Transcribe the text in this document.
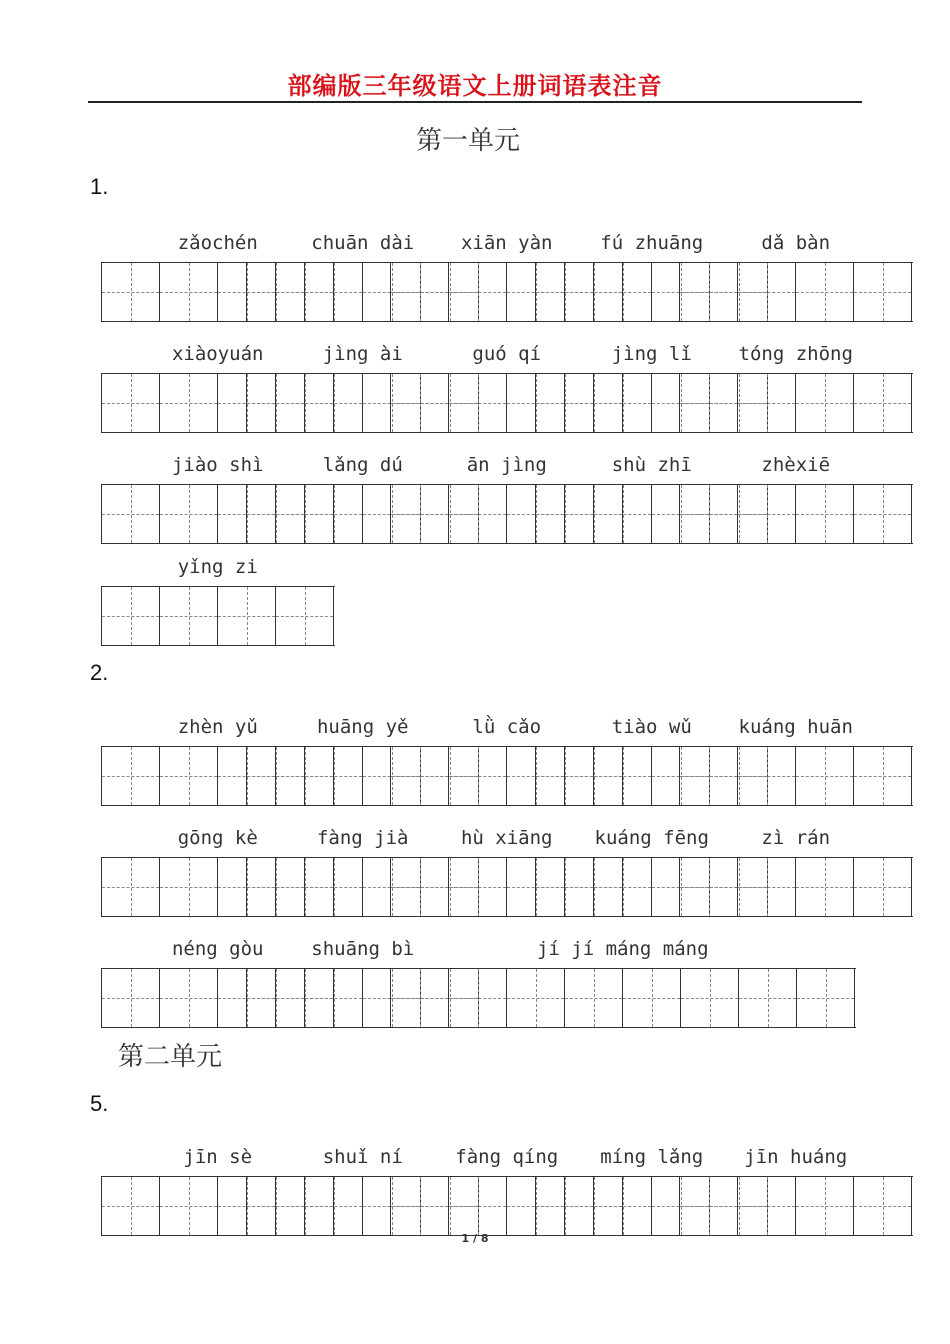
部编版三年级语文上册词语表注音
第一单元
1.
zǎochén	chuān dài	xiān yàn	fú zhuāng	dǎ bàn
xiàoyuán	jìng ài	guó qí	jìng lǐ	tóng zhōng
jiào shì	lǎng dú	ān jìng	shù zhī	zhèxiē
yǐng zi
2.
zhèn yǔ	huāng yě	lǜ cǎo	tiào wǔ	kuáng huān
gōng kè	fàng jià	hù xiāng	kuáng fēng	zì rán
néng gòu	shuāng bì	jí jí máng máng
第二单元
5.
jīn sè	shuǐ ní	fàng qíng	míng lǎng	jīn huáng
1 / 8
